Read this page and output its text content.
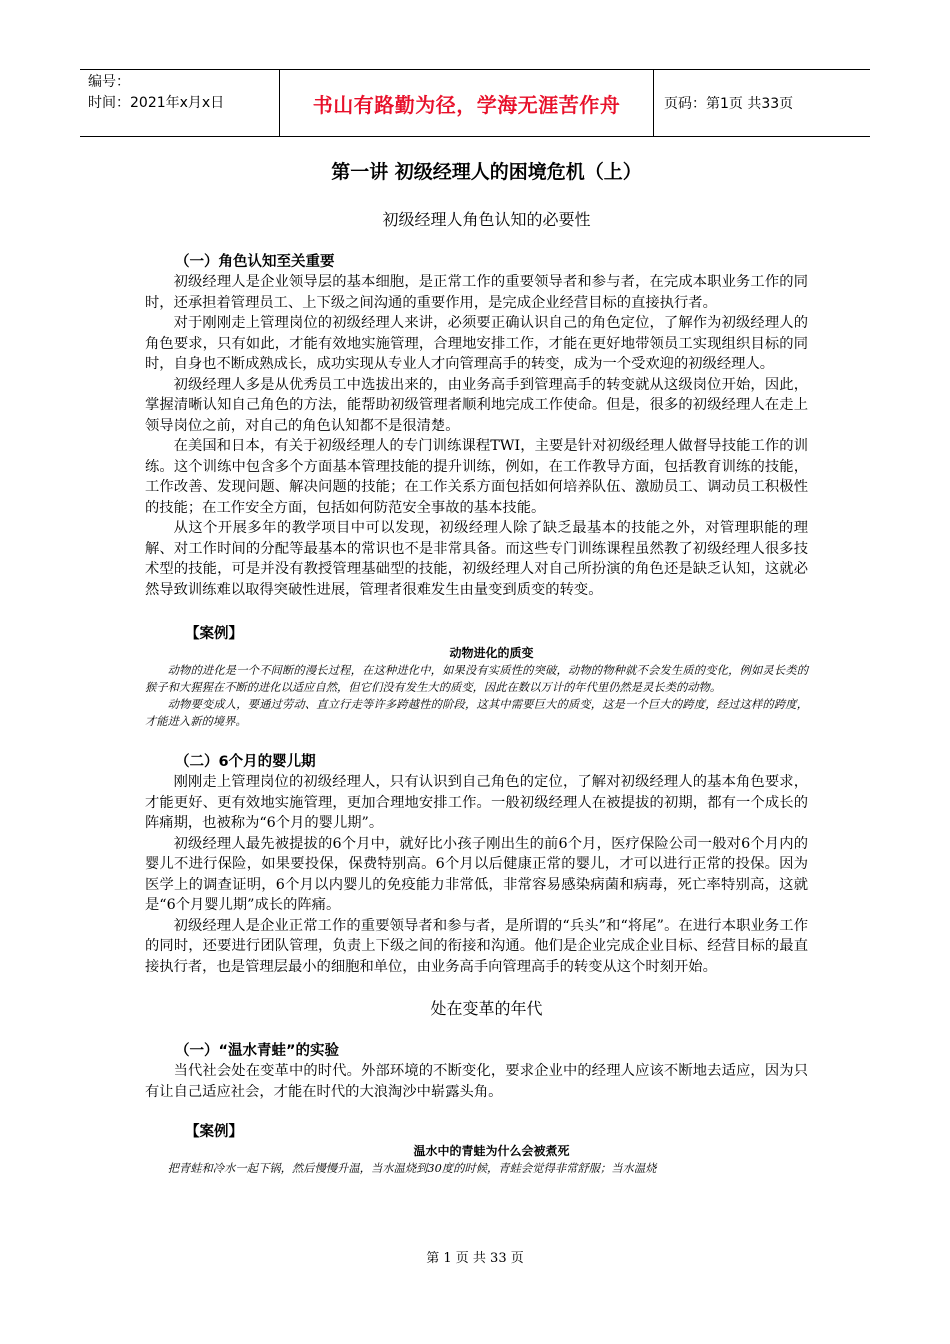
编号：
时间：2021年x月x日	书山有路勤为径，学海无涯苦作舟	页码：第1页 共33页
第一讲 初级经理人的困境危机（上）
初级经理人角色认知的必要性
（一）角色认知至关重要

初级经理人是企业领导层的基本细胞，是正常工作的重要领导者和参与者，在完成本职业务工作的同时，还承担着管理员工、上下级之间沟通的重要作用，是完成企业经营目标的直接执行者。

对于刚刚走上管理岗位的初级经理人来讲，必须要正确认识自己的角色定位，了解作为初级经理人的角色要求，只有如此，才能有效地实施管理，合理地安排工作，才能在更好地带领员工实现组织目标的同时，自身也不断成熟成长，成功实现从专业人才向管理高手的转变，成为一个受欢迎的初级经理人。

初级经理人多是从优秀员工中选拔出来的，由业务高手到管理高手的转变就从这级岗位开始，因此，掌握清晰认知自己角色的方法，能帮助初级管理者顺利地完成工作使命。但是，很多的初级经理人在走上领导岗位之前，对自己的角色认知都不是很清楚。

在美国和日本，有关于初级经理人的专门训练课程TWI，主要是针对初级经理人做督导技能工作的训练。这个训练中包含多个方面基本管理技能的提升训练，例如，在工作教导方面，包括教育训练的技能，工作改善、发现问题、解决问题的技能；在工作关系方面包括如何培养队伍、激励员工、调动员工积极性的技能；在工作安全方面，包括如何防范安全事故的基本技能。

从这个开展多年的教学项目中可以发现，初级经理人除了缺乏最基本的技能之外，对管理职能的理解、对工作时间的分配等最基本的常识也不是非常具备。而这些专门训练课程虽然教了初级经理人很多技术型的技能，可是并没有教授管理基础型的技能，初级经理人对自己所扮演的角色还是缺乏认知，这就必然导致训练难以取得突破性进展，管理者很难发生由量变到质变的转变。

【案例】
动物进化的质变

动物的进化是一个不间断的漫长过程，在这种进化中，如果没有实质性的突破，动物的物种就不会发生质的变化，例如灵长类的猴子和大猩猩在不断的进化以适应自然，但它们没有发生大的质变，因此在数以万计的年代里仍然是灵长类的动物。

动物要变成人，要通过劳动、直立行走等许多跨越性的阶段，这其中需要巨大的质变，这是一个巨大的跨度，经过这样的跨度，才能进入新的境界。

（二）6个月的婴儿期

刚刚走上管理岗位的初级经理人，只有认识到自己角色的定位，了解对初级经理人的基本角色要求，才能更好、更有效地实施管理，更加合理地安排工作。一般初级经理人在被提拔的初期，都有一个成长的阵痛期，也被称为“6个月的婴儿期”。

初级经理人最先被提拔的6个月中，就好比小孩子刚出生的前6个月，医疗保险公司一般对6个月内的婴儿不进行保险，如果要投保，保费特别高。6个月以后健康正常的婴儿，才可以进行正常的投保。因为医学上的调查证明，6个月以内婴儿的免疫能力非常低，非常容易感染病菌和病毒，死亡率特别高，这就是“6个月婴儿期”成长的阵痛。

初级经理人是企业正常工作的重要领导者和参与者，是所谓的“兵头”和“将尾”。在进行本职业务工作的同时，还要进行团队管理，负责上下级之间的衔接和沟通。他们是企业完成企业目标、经营目标的最直接执行者，也是管理层最小的细胞和单位，由业务高手向管理高手的转变从这个时刻开始。

处在变革的年代
（一）“温水青蛙”的实验

当代社会处在变革中的时代。外部环境的不断变化，要求企业中的经理人应该不断地去适应，因为只有让自己适应社会，才能在时代的大浪淘沙中崭露头角。

【案例】
温水中的青蛙为什么会被煮死

把青蛙和冷水一起下锅，然后慢慢升温，当水温烧到30度的时候，青蛙会觉得非常舒服；当水温烧

第 1 页 共 33 页
